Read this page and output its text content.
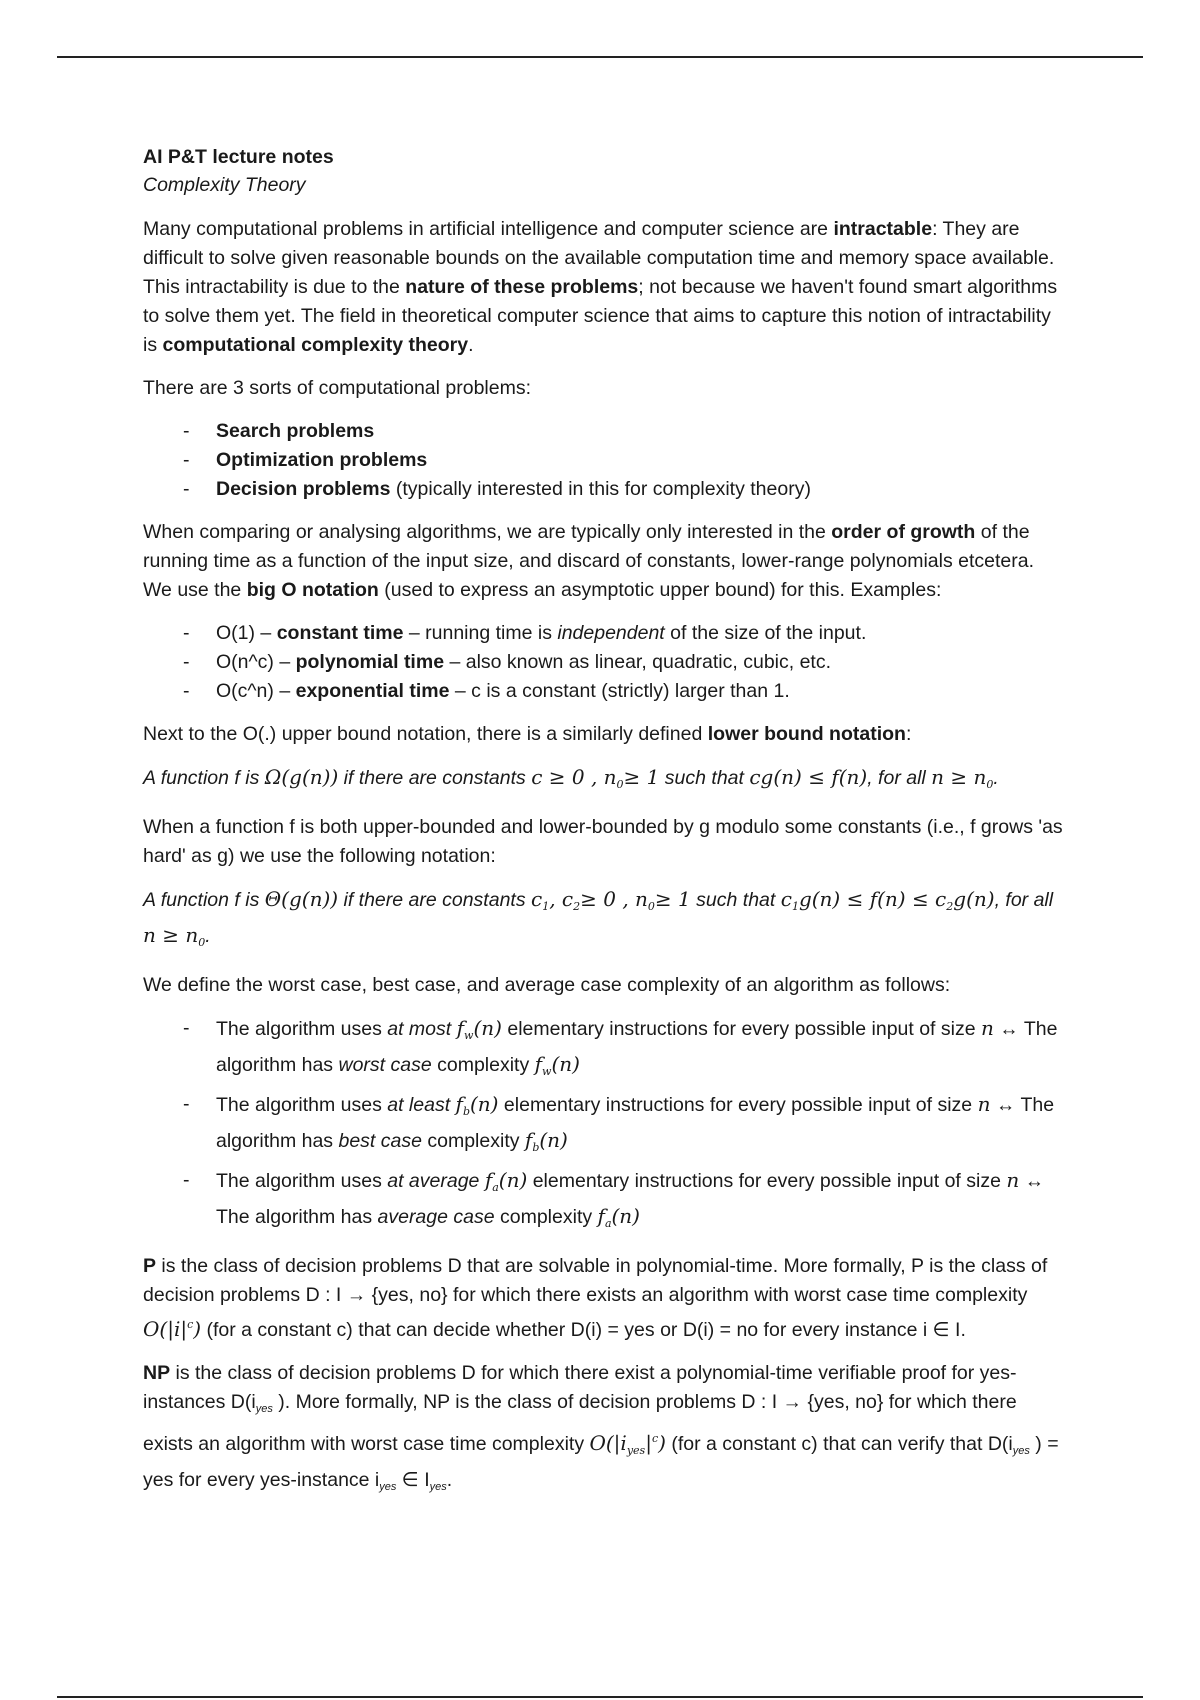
AI P&T lecture notes
Complexity Theory

Many computational problems in artificial intelligence and computer science are intractable: They are difficult to solve given reasonable bounds on the available computation time and memory space available. This intractability is due to the nature of these problems; not because we haven't found smart algorithms to solve them yet. The field in theoretical computer science that aims to capture this notion of intractability is computational complexity theory.

There are 3 sorts of computational problems:

- Search problems
- Optimization problems
- Decision problems (typically interested in this for complexity theory)

When comparing or analysing algorithms, we are typically only interested in the order of growth of the running time as a function of the input size, and discard of constants, lower-range polynomials etcetera. We use the big O notation (used to express an asymptotic upper bound) for this. Examples:

- O(1) – constant time – running time is independent of the size of the input.
- O(n^c) – polynomial time – also known as linear, quadratic, cubic, etc.
- O(c^n) – exponential time – c is a constant (strictly) larger than 1.

Next to the O(.) upper bound notation, there is a similarly defined lower bound notation:

A function f is Ω(g(n)) if there are constants c ≥ 0 , $n_0\ge 1$ such that cg(n) ≤ f(n), for all $n \ge n_0$.

When a function f is both upper-bounded and lower-bounded by g modulo some constants (i.e., f grows 'as hard' as g) we use the following notation:

A function f is Θ(g(n)) if there are constants $c_1$, $c_2\ge 0$ , $n_0\ge 1$ such that $c_1g(n) \le f(n) \le c_2g(n)$, for all $n \ge n_0$.

We define the worst case, best case, and average case complexity of an algorithm as follows:

- The algorithm uses at most $f_w(n)$ elementary instructions for every possible input of size n ↔ The algorithm has worst case complexity $f_w(n)$
- The algorithm uses at least $f_b(n)$ elementary instructions for every possible input of size n ↔ The algorithm has best case complexity $f_b(n)$
- The algorithm uses at average $f_a(n)$ elementary instructions for every possible input of size n ↔ The algorithm has average case complexity $f_a(n)$

P is the class of decision problems D that are solvable in polynomial-time. More formally, P is the class of decision problems D : I → {yes, no} for which there exists an algorithm with worst case time complexity $O(|i|^c)$ (for a constant c) that can decide whether D(i) = yes or D(i) = no for every instance i ∈ I.

NP is the class of decision problems D for which there exist a polynomial-time verifiable proof for yes-instances $D(i_{yes}$ ). More formally, NP is the class of decision problems D : I → {yes, no} for which there exists an algorithm with worst case time complexity $O(|i_{yes}|^c)$ (for a constant c) that can verify that $D(i_{yes}$ ) = yes for every yes-instance $i_{yes}$ ∈ $I_{yes}$.
